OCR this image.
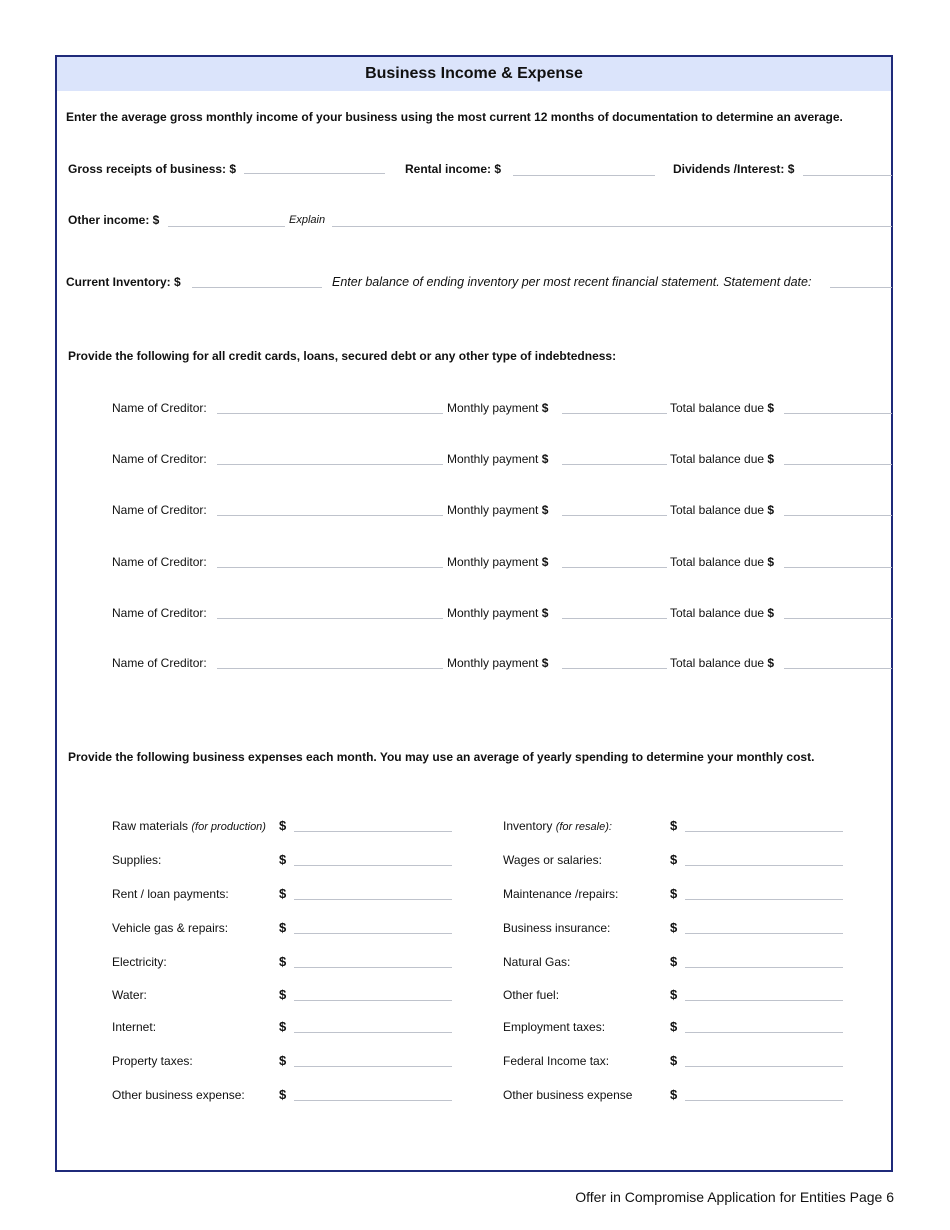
Business Income & Expense
Enter the average gross monthly income of your business using the most current 12 months of documentation to determine an average.
Gross receipts of business: $	Rental income: $	Dividends /Interest: $
Other income: $	Explain
Current Inventory: $	Enter balance of ending inventory per most recent financial statement. Statement date:
Provide the following for all credit cards, loans, secured debt or any other type of indebtedness:
Name of Creditor:	Monthly payment $	Total balance due $
Name of Creditor:	Monthly payment $	Total balance due $
Name of Creditor:	Monthly payment $	Total balance due $
Name of Creditor:	Monthly payment $	Total balance due $
Name of Creditor:	Monthly payment $	Total balance due $
Name of Creditor:	Monthly payment $	Total balance due $
Provide the following business expenses each month. You may use an average of yearly spending to determine your monthly cost.
Raw materials (for production) $
Supplies:	$
Rent / loan payments:	$
Vehicle gas & repairs:	$
Electricity:	$
Water:	$
Internet:	$
Property taxes:	$
Other business expense:	$
Inventory (for resale):	$
Wages or salaries:	$
Maintenance /repairs:	$
Business insurance:	$
Natural Gas:	$
Other fuel:	$
Employment taxes:	$
Federal Income tax:	$
Other business expense	$
Offer in Compromise Application for Entities Page 6
